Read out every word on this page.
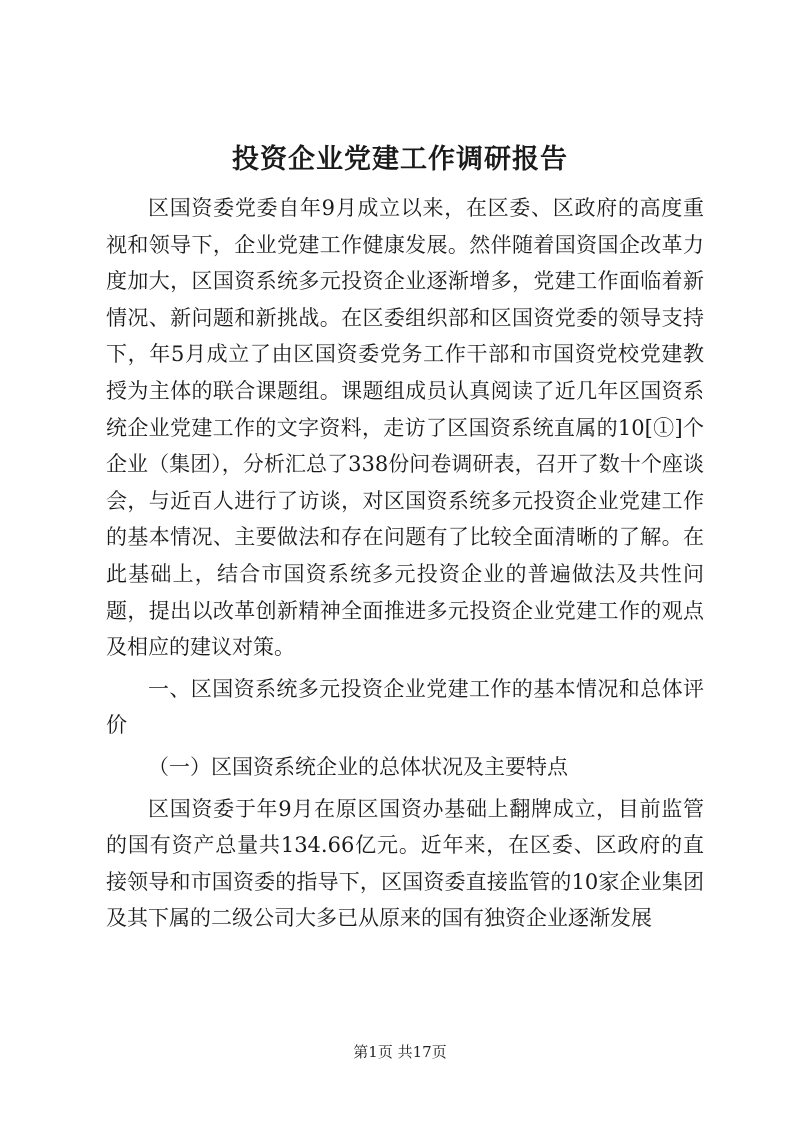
投资企业党建工作调研报告

区国资委党委自年9月成立以来，在区委、区政府的高度重视和领导下，企业党建工作健康发展。然伴随着国资国企改革力度加大，区国资系统多元投资企业逐渐增多，党建工作面临着新情况、新问题和新挑战。在区委组织部和区国资党委的领导支持下，年5月成立了由区国资委党务工作干部和市国资党校党建教授为主体的联合课题组。课题组成员认真阅读了近几年区国资系统企业党建工作的文字资料，走访了区国资系统直属的10[①]个企业（集团），分析汇总了338份问卷调研表，召开了数十个座谈会，与近百人进行了访谈，对区国资系统多元投资企业党建工作的基本情况、主要做法和存在问题有了比较全面清晰的了解。在此基础上，结合市国资系统多元投资企业的普遍做法及共性问题，提出以改革创新精神全面推进多元投资企业党建工作的观点及相应的建议对策。

一、区国资系统多元投资企业党建工作的基本情况和总体评价

（一）区国资系统企业的总体状况及主要特点

区国资委于年9月在原区国资办基础上翻牌成立，目前监管的国有资产总量共134.66亿元。近年来，在区委、区政府的直接领导和市国资委的指导下，区国资委直接监管的10家企业集团及其下属的二级公司大多已从原来的国有独资企业逐渐发展

第1页 共17页
